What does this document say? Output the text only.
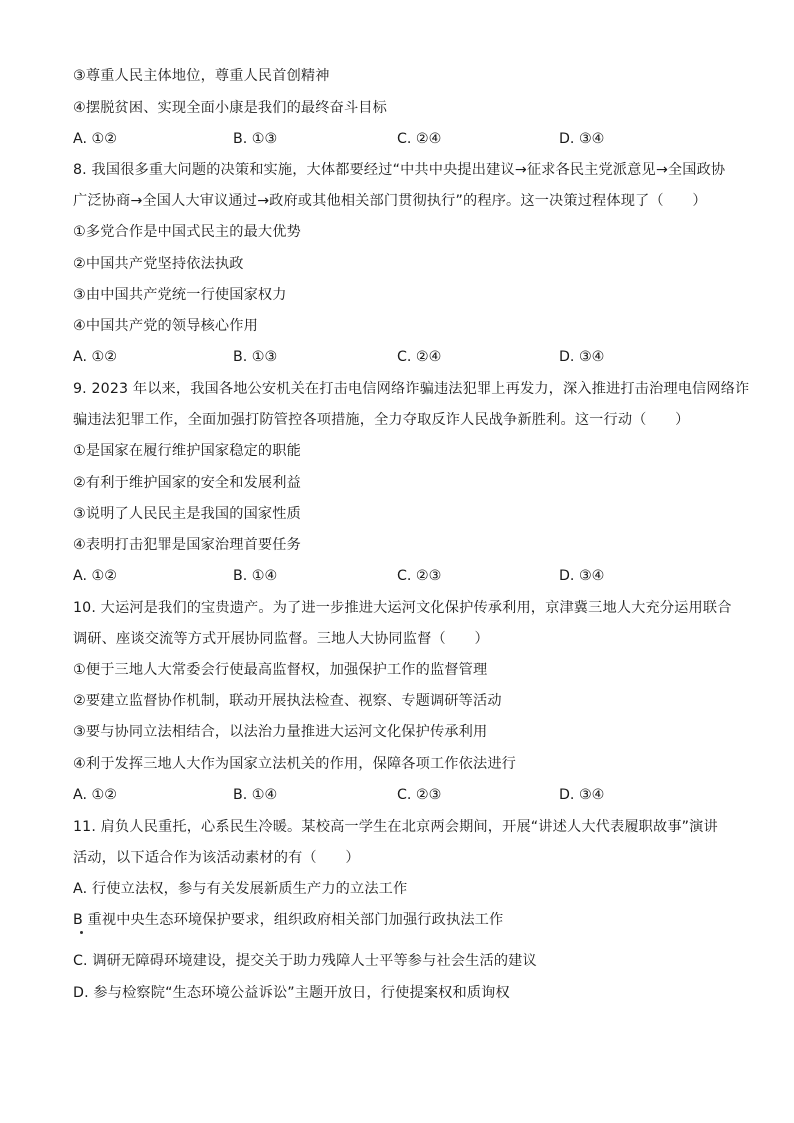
③尊重人民主体地位，尊重人民首创精神
④摆脱贫困、实现全面小康是我们的最终奋斗目标
A. ①②	B. ①③	C. ②④	D. ③④
8. 我国很多重大问题的决策和实施，大体都要经过“中共中央提出建议→征求各民主党派意见→全国政协
广泛协商→全国人大审议通过→政府或其他相关部门贯彻执行”的程序。这一决策过程体现了（　　）
①多党合作是中国式民主的最大优势
②中国共产党坚持依法执政
③由中国共产党统一行使国家权力
④中国共产党的领导核心作用
A. ①②	B. ①③	C. ②④	D. ③④
9. 2023 年以来，我国各地公安机关在打击电信网络诈骗违法犯罪上再发力，深入推进打击治理电信网络诈
骗违法犯罪工作，全面加强打防管控各项措施，全力夺取反诈人民战争新胜利。这一行动（　　）
①是国家在履行维护国家稳定的职能
②有利于维护国家的安全和发展利益
③说明了人民民主是我国的国家性质
④表明打击犯罪是国家治理首要任务
A. ①②	B. ①④	C. ②③	D. ③④
10. 大运河是我们的宝贵遗产。为了进一步推进大运河文化保护传承利用，京津冀三地人大充分运用联合
调研、座谈交流等方式开展协同监督。三地人大协同监督（　　）
①便于三地人大常委会行使最高监督权，加强保护工作的监督管理
②要建立监督协作机制，联动开展执法检查、视察、专题调研等活动
③要与协同立法相结合，以法治力量推进大运河文化保护传承利用
④利于发挥三地人大作为国家立法机关的作用，保障各项工作依法进行
A. ①②	B. ①④	C. ②③	D. ③④
11. 肩负人民重托，心系民生冷暖。某校高一学生在北京两会期间，开展“讲述人大代表履职故事”演讲
活动，以下适合作为该活动素材的有（　　）
A. 行使立法权，参与有关发展新质生产力的立法工作
B 重视中央生态环境保护要求，组织政府相关部门加强行政执法工作
C. 调研无障碍环境建设，提交关于助力残障人士平等参与社会生活的建议
D. 参与检察院“生态环境公益诉讼”主题开放日，行使提案权和质询权
